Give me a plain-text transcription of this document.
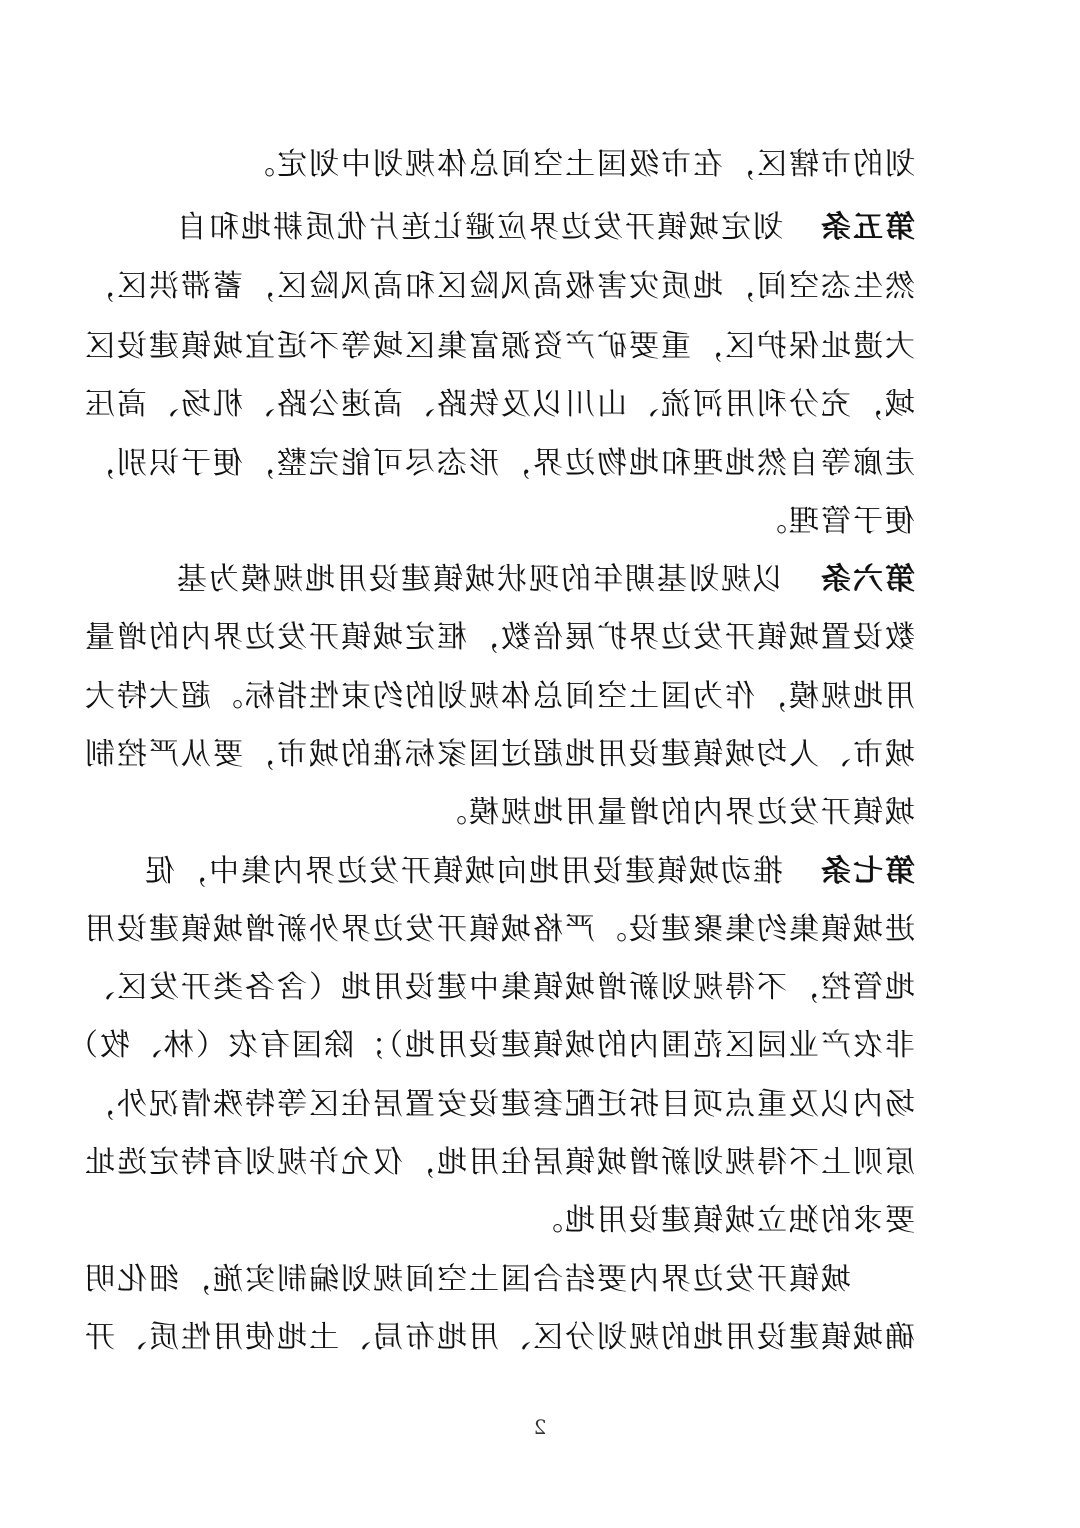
2
划的市辖区，在市级国土空间总体规划中划定。
第五条划定城镇开发边界应避让连片优质耕地和自
然生态空间，地质灾害极高风险区和高风险区，蓄滞洪区，
大遗址保护区，重要矿产资源富集区域等不适宜城镇建设区
域，充分利用河流、山川以及铁路、高速公路、机场、高压
走廊等自然地理和地物边界，形态尽可能完整，便于识别，
便于管理。
第六条以规划基期年的现状城镇建设用地规模为基
数设置城镇开发边界扩展倍数，框定城镇开发边界内的增量
用地规模，作为国土空间总体规划的约束性指标。超大特大
城市、人均城镇建设用地超过国家标准的城市，要从严控制
城镇开发边界内的增量用地规模。
第七条推动城镇建设用地向城镇开发边界内集中，促
进城镇集约集聚建设。严格城镇开发边界外新增城镇建设用
地管控，不得规划新增城镇集中建设用地（含各类开发区、
非农产业园区范围内的城镇建设用地）；除国有农（林、牧）
场内以及重点项目拆迁配套建设安置居住区等特殊情况外，
原则上不得规划新增城镇居住用地，仅允许规划有特定选址
要求的独立城镇建设用地。
城镇开发边界内要结合国土空间规划编制实施，细化明
确城镇建设用地的规划分区、用地布局、土地使用性质、开
